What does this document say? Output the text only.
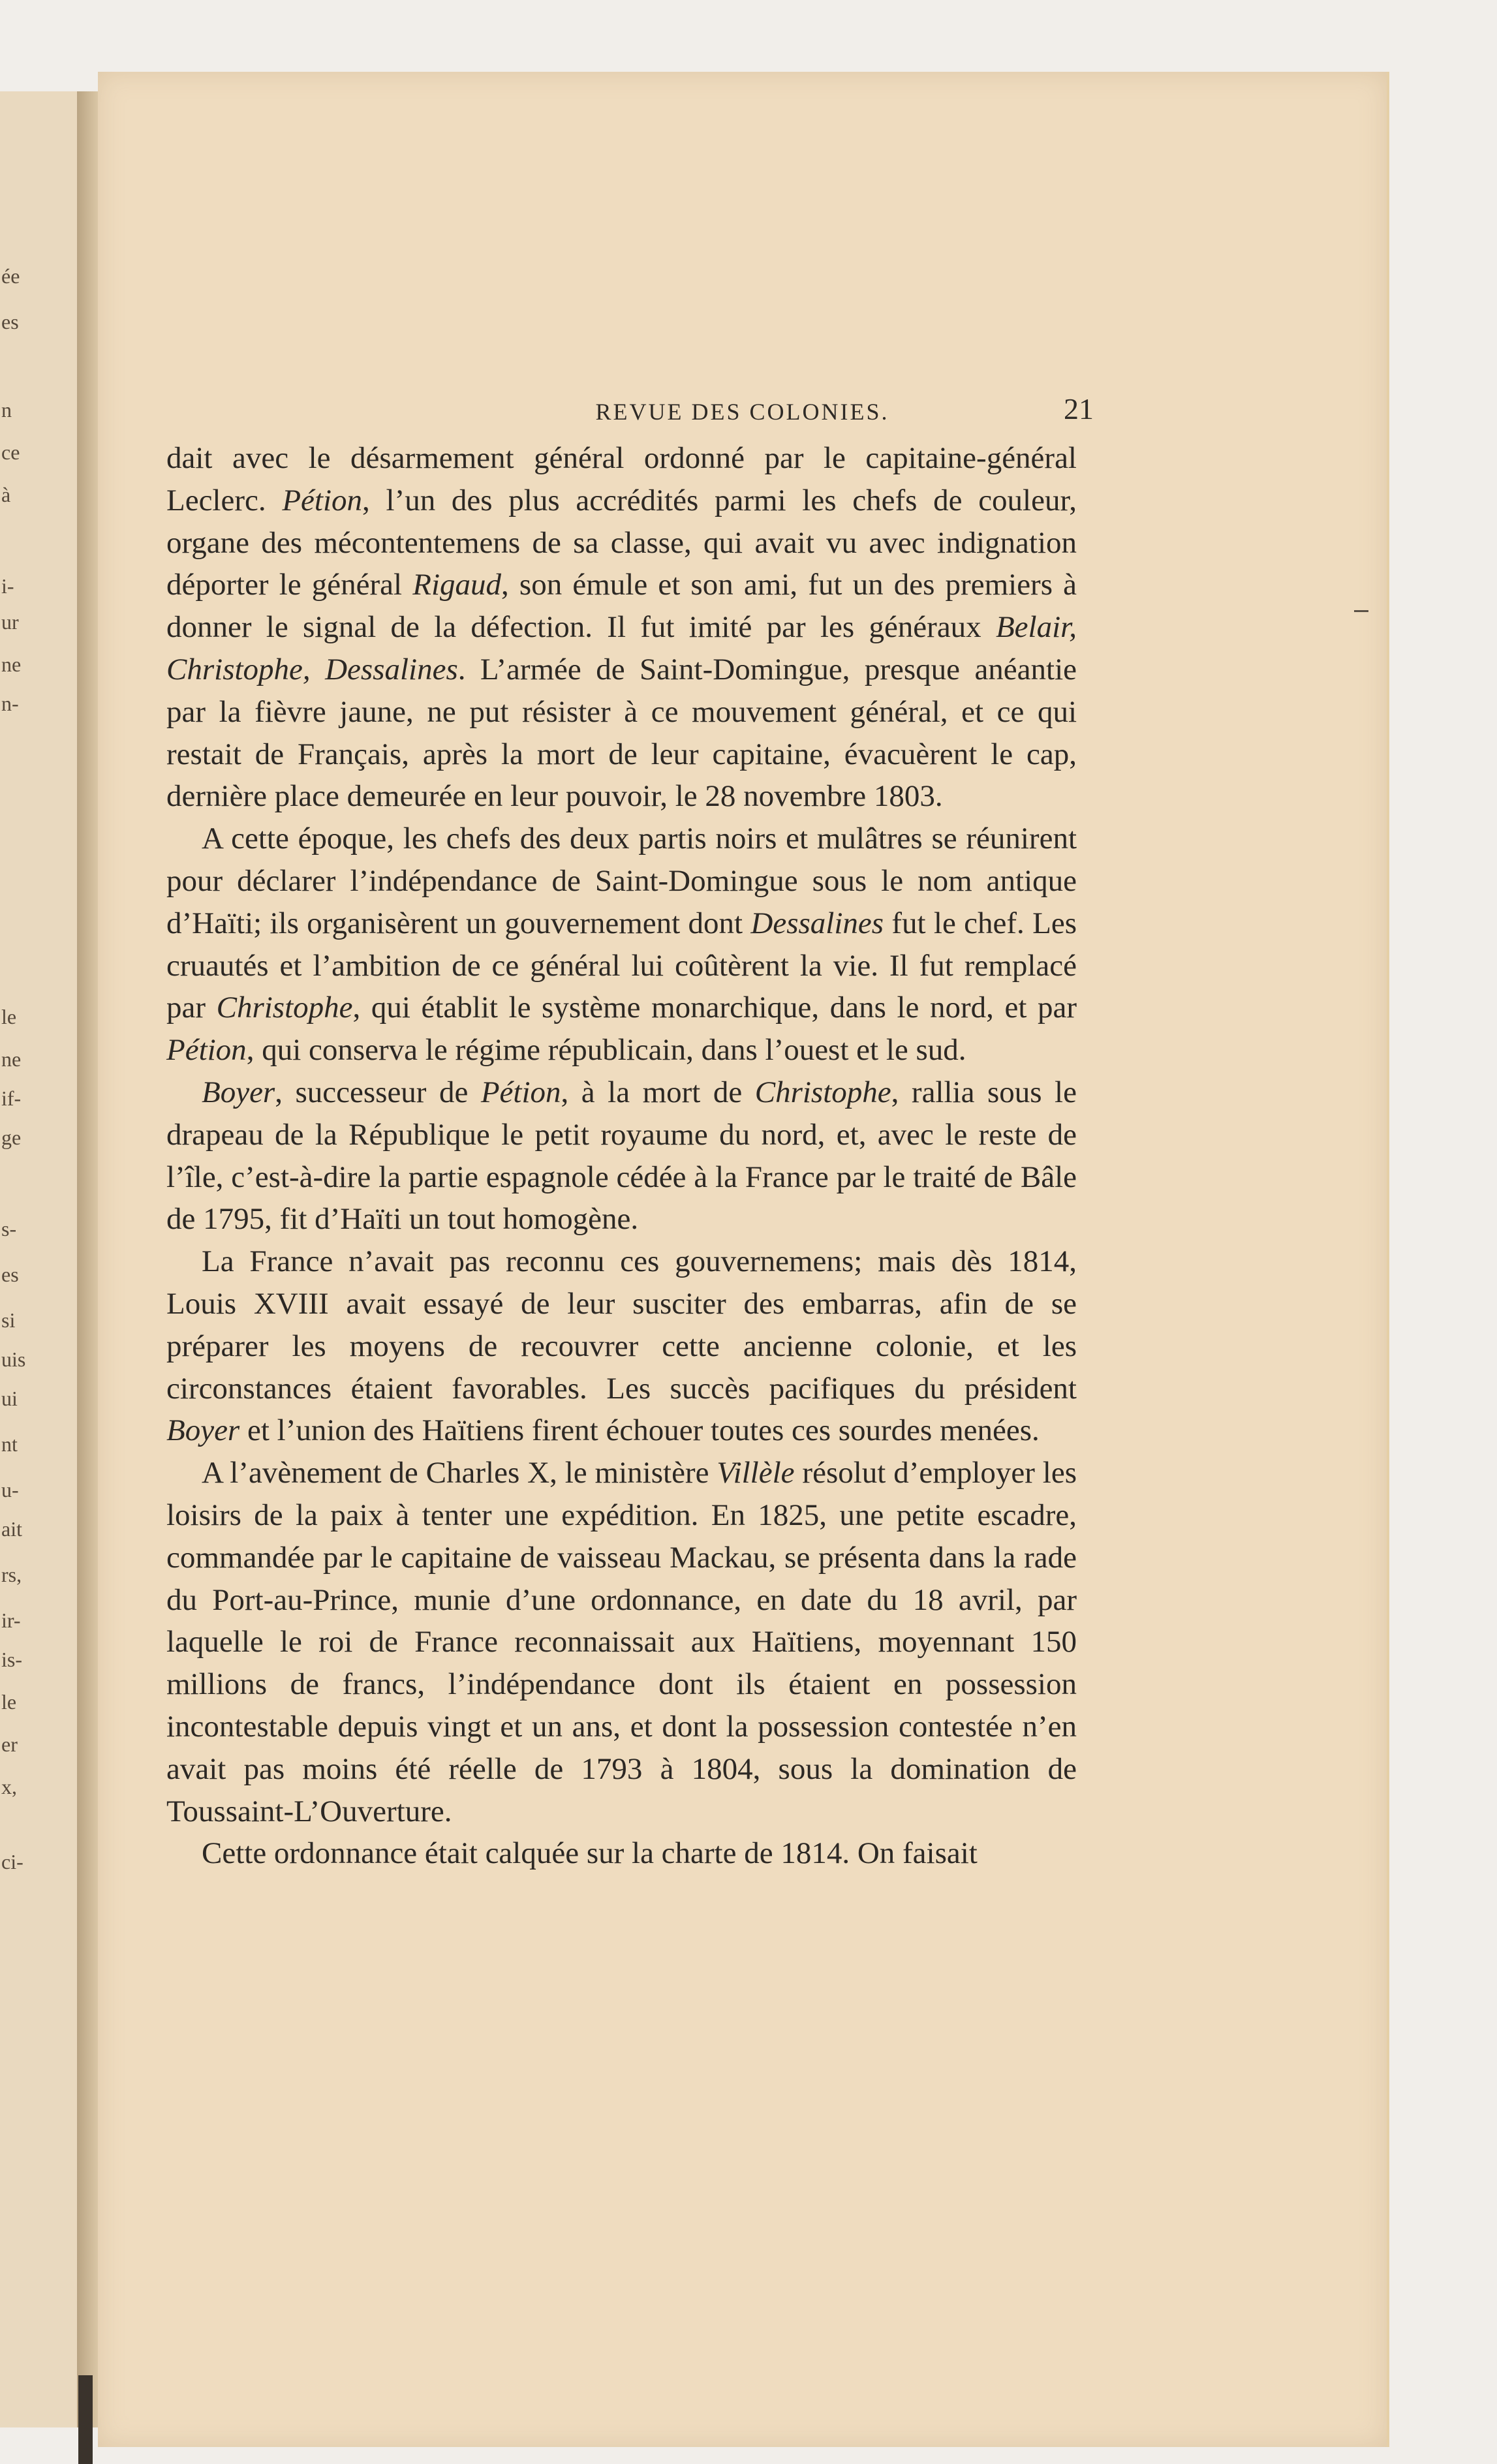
ée
es
n
ce
à
i-
ur
ne
n-
le
ne
if-
ge
s-
es
si
uis
ui
nt
u-
ait
rs,
ir-
is-
le
er
x,
ci-
REVUE DES COLONIES.	21

dait avec le désarmement général ordonné par le capitaine-général Leclerc. Pétion, l’un des plus accrédités parmi les chefs de couleur, organe des mécontentemens de sa classe, qui avait vu avec indignation déporter le général Rigaud, son émule et son ami, fut un des premiers à donner le signal de la défection. Il fut imité par les généraux Belair, Christophe, Dessalines. L’armée de Saint-Domingue, presque anéantie par la fièvre jaune, ne put résister à ce mouvement général, et ce qui restait de Français, après la mort de leur capitaine, évacuèrent le cap, dernière place demeurée en leur pouvoir, le 28 novembre 1803.

A cette époque, les chefs des deux partis noirs et mulâtres se réunirent pour déclarer l’indépendance de Saint-Domingue sous le nom antique d’Haïti; ils organisèrent un gouvernement dont Dessalines fut le chef. Les cruautés et l’ambition de ce général lui coûtèrent la vie. Il fut remplacé par Christophe, qui établit le système monarchique, dans le nord, et par Pétion, qui conserva le régime républicain, dans l’ouest et le sud.

Boyer, successeur de Pétion, à la mort de Christophe, rallia sous le drapeau de la République le petit royaume du nord, et, avec le reste de l’île, c’est-à-dire la partie espagnole cédée à la France par le traité de Bâle de 1795, fit d’Haïti un tout homogène.

La France n’avait pas reconnu ces gouvernemens; mais dès 1814, Louis XVIII avait essayé de leur susciter des embarras, afin de se préparer les moyens de recouvrer cette ancienne colonie, et les circonstances étaient favorables. Les succès pacifiques du président Boyer et l’union des Haïtiens firent échouer toutes ces sourdes menées.

A l’avènement de Charles X, le ministère Villèle résolut d’employer les loisirs de la paix à tenter une expédition. En 1825, une petite escadre, commandée par le capitaine de vaisseau Mackau, se présenta dans la rade du Port-au-Prince, munie d’une ordonnance, en date du 18 avril, par laquelle le roi de France reconnaissait aux Haïtiens, moyennant 150 millions de francs, l’indépendance dont ils étaient en possession incontestable depuis vingt et un ans, et dont la possession contestée n’en avait pas moins été réelle de 1793 à 1804, sous la domination de Toussaint-L’Ouverture.

Cette ordonnance était calquée sur la charte de 1814. On faisait
